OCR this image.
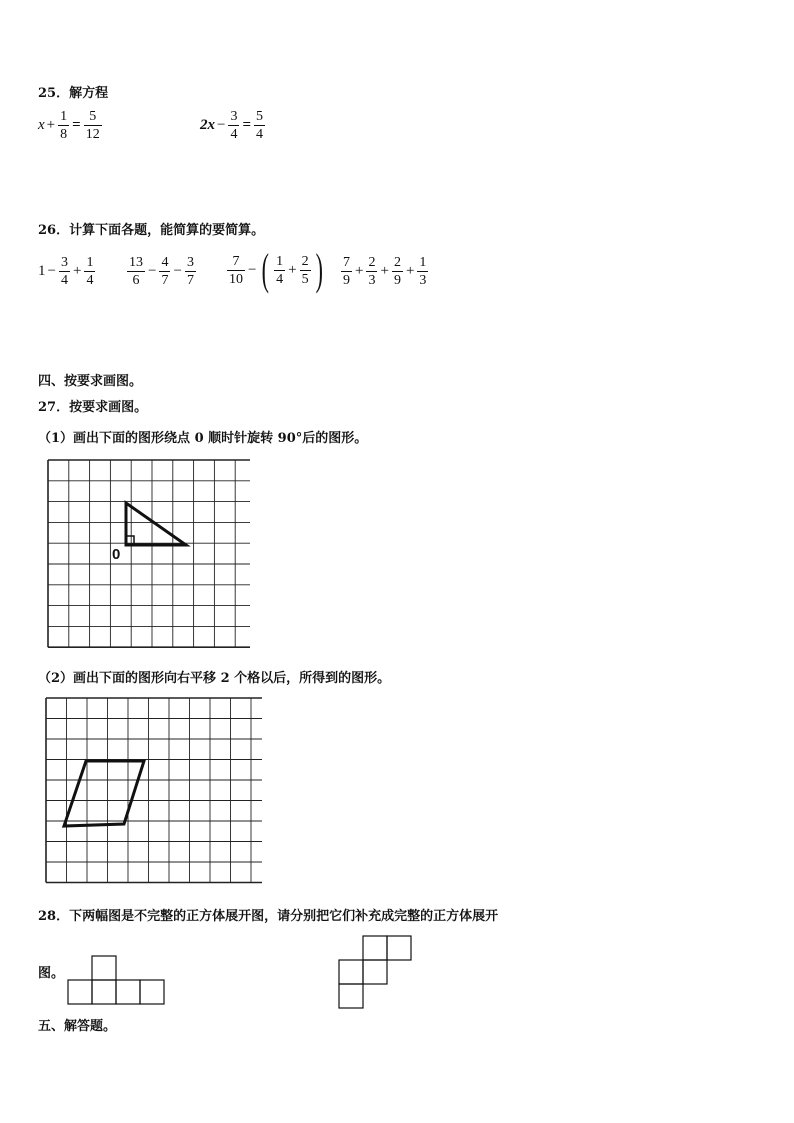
25．解方程
$x + \frac{1}{8} = \frac{5}{12}$	$2x - \frac{3}{4} = \frac{5}{4}$
26．计算下面各题，能简算的要简算。
$1 - \frac{3}{4} + \frac{1}{4} \frac{13}{6} - \frac{4}{7} - \frac{3}{7} \frac{7}{10}$ − ( $\frac{1}{4} + \frac{2}{5}$ ) $\frac{7}{9} + \frac{2}{3} + \frac{2}{9} + \frac{1}{3}$
四、按要求画图。
27．按要求画图。
（1）画出下面的图形绕点 0 顺时针旋转 90°后的图形。
0
（2）画出下面的图形向右平移 2 个格以后，所得到的图形。
28．下两幅图是不完整的正方体展开图，请分别把它们补充成完整的正方体展开
图。
五、解答题。
